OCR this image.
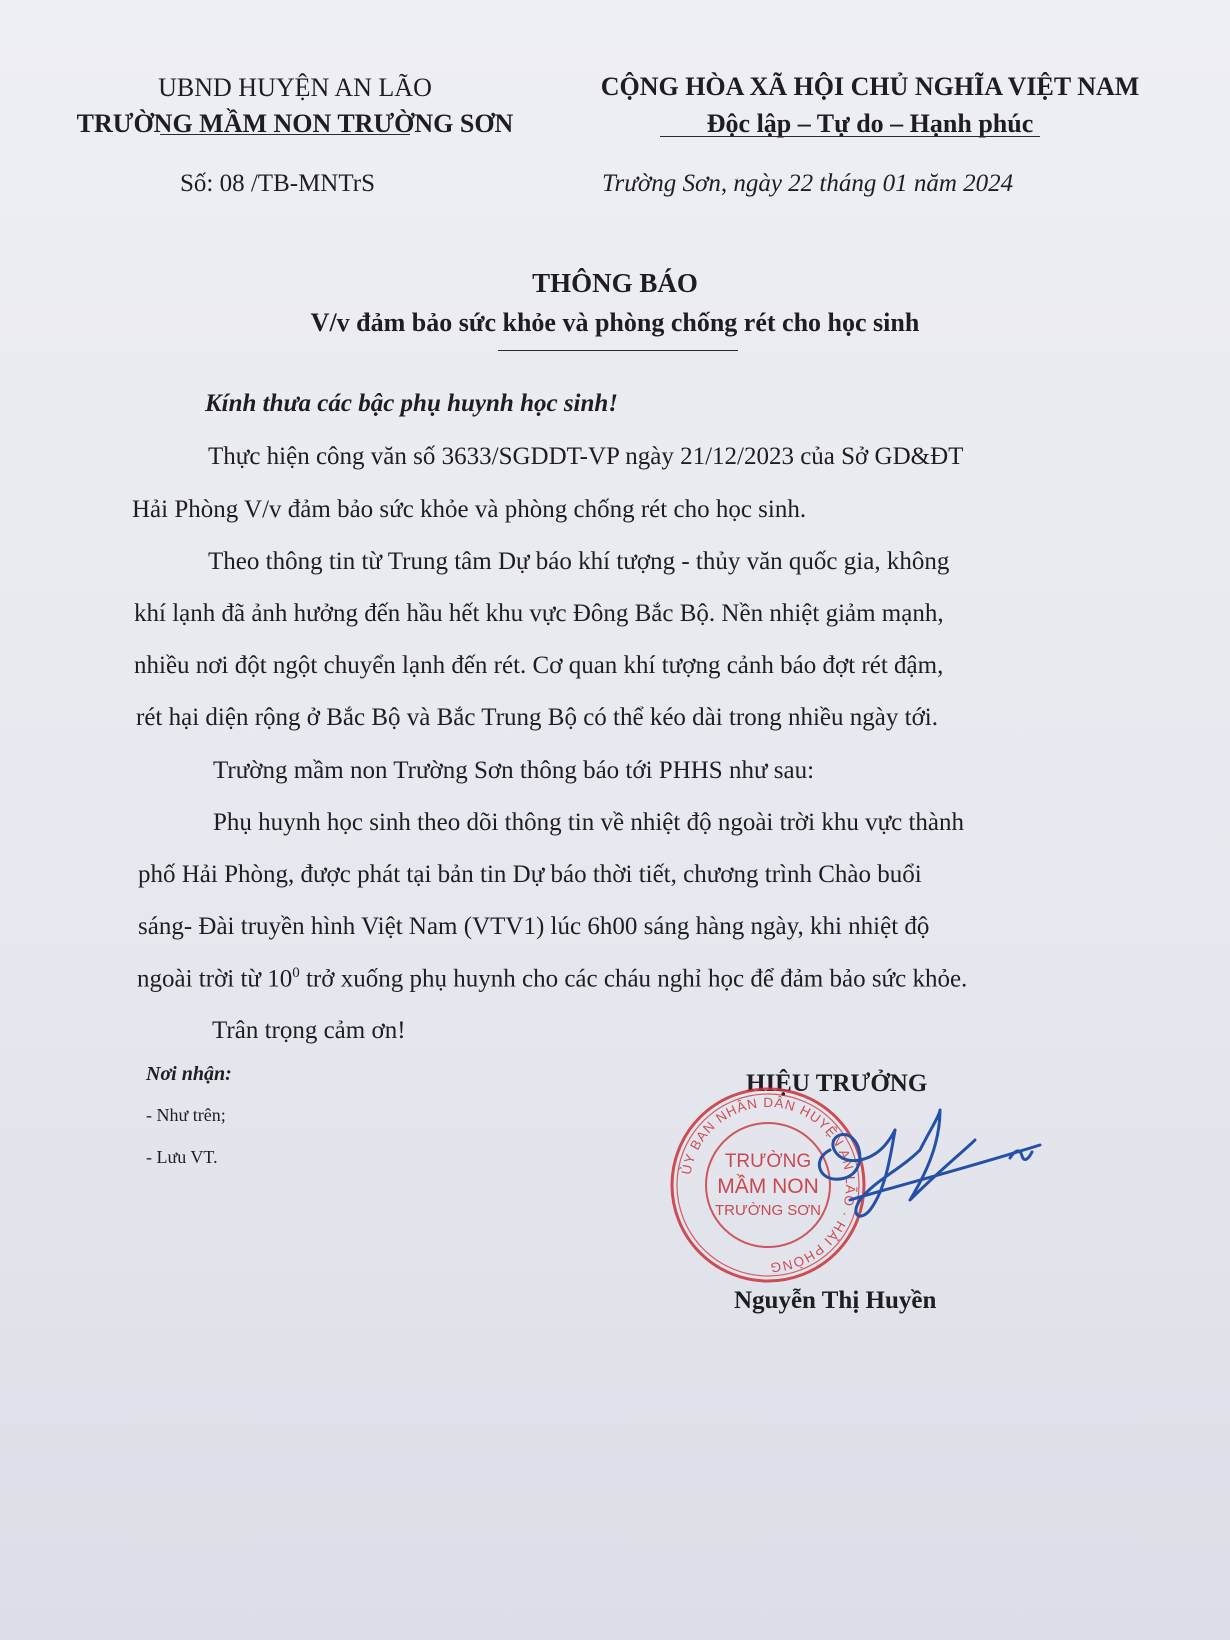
UBND HUYỆN AN LÃO
TRƯỜNG MẦM NON TRƯỜNG SƠN
CỘNG HÒA XÃ HỘI CHỦ NGHĨA VIỆT NAM
Độc lập – Tự do – Hạnh phúc
Số: 08 /TB-MNTrS	Trường Sơn, ngày 22 tháng 01 năm 2024
THÔNG BÁO
V/v đảm bảo sức khỏe và phòng chống rét cho học sinh
Kính thưa các bậc phụ huynh học sinh!
Thực hiện công văn số 3633/SGDDT-VP ngày 21/12/2023 của Sở GD&ĐT
Hải Phòng V/v đảm bảo sức khỏe và phòng chống rét cho học sinh.
Theo thông tin từ Trung tâm Dự báo khí tượng - thủy văn quốc gia, không
khí lạnh đã ảnh hưởng đến hầu hết khu vực Đông Bắc Bộ. Nền nhiệt giảm mạnh,
nhiều nơi đột ngột chuyển lạnh đến rét. Cơ quan khí tượng cảnh báo đợt rét đậm,
rét hại diện rộng ở Bắc Bộ và Bắc Trung Bộ có thể kéo dài trong nhiều ngày tới.
Trường mầm non Trường Sơn thông báo tới PHHS như sau:
Phụ huynh học sinh theo dõi thông tin về nhiệt độ ngoài trời khu vực thành
phố Hải Phòng, được phát tại bản tin Dự báo thời tiết, chương trình Chào buổi
sáng- Đài truyền hình Việt Nam (VTV1) lúc 6h00 sáng hàng ngày, khi nhiệt độ
ngoài trời từ $10^0$ trở xuống phụ huynh cho các cháu nghỉ học để đảm bảo sức khỏe.
Trân trọng cảm ơn!
Nơi nhận:
- Như trên;
- Lưu VT.
HIỆU TRƯỞNG
ỦY BAN NHÂN DÂN HUYỆN AN LÃO · HẢI PHÒNG
TRƯỜNG
MẦM NON
TRƯỜNG SƠN
Nguyễn Thị Huyền
